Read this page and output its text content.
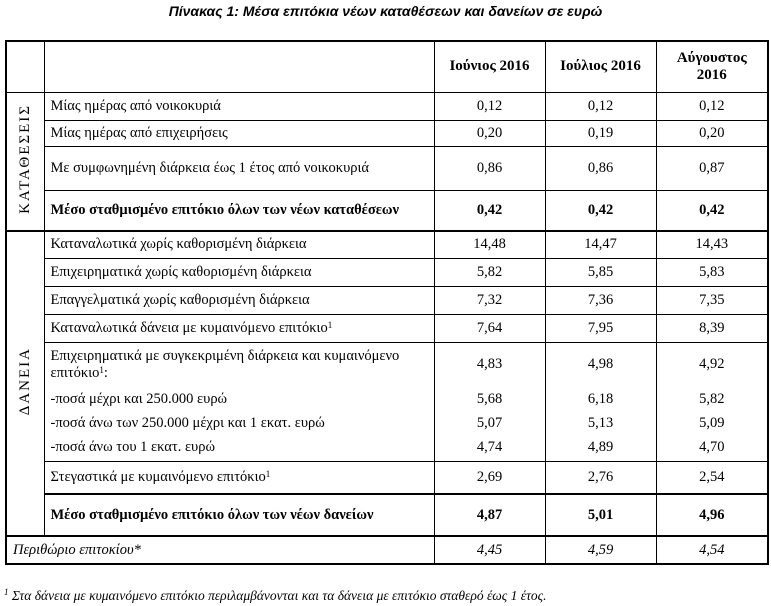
Πίνακας 1: Μέσα επιτόκια νέων καταθέσεων και δανείων σε ευρώ
		Ιούνιος 2016	Ιούλιος 2016	Αύγουστος 2016
ΚΑΤΑΘΕΣΕΙΣ	Μίας ημέρας από νοικοκυριά	0,12	0,12	0,12
	Μίας ημέρας από επιχειρήσεις	0,20	0,19	0,20
	Με συμφωνημένη διάρκεια έως 1 έτος από νοικοκυριά	0,86	0,86	0,87
	Μέσο σταθμισμένο επιτόκιο όλων των νέων καταθέσεων	0,42	0,42	0,42
ΔΑΝΕΙΑ	Καταναλωτικά χωρίς καθορισμένη διάρκεια	14,48	14,47	14,43
	Επιχειρηματικά χωρίς καθορισμένη διάρκεια	5,82	5,85	5,83
	Επαγγελματικά χωρίς καθορισμένη διάρκεια	7,32	7,36	7,35
	Καταναλωτικά δάνεια με κυμαινόμενο επιτόκιο$^1$	7,64	7,95	8,39
	Επιχειρηματικά με συγκεκριμένη διάρκεια και κυμαινόμενο επιτόκιο$^1$:	4,83	4,98	4,92
	-ποσά μέχρι και 250.000 ευρώ	5,68	6,18	5,82
	-ποσά άνω των 250.000 μέχρι και 1 εκατ. ευρώ	5,07	5,13	5,09
	-ποσά άνω του 1 εκατ. ευρώ	4,74	4,89	4,70
	Στεγαστικά με κυμαινόμενο επιτόκιο$^1$	2,69	2,76	2,54
	Μέσο σταθμισμένο επιτόκιο όλων των νέων δανείων	4,87	5,01	4,96
Περιθώριο επιτοκίου*		4,45	4,59	4,54
$^1$ Στα δάνεια με κυμαινόμενο επιτόκιο περιλαμβάνονται και τα δάνεια με επιτόκιο σταθερό έως 1 έτος.
